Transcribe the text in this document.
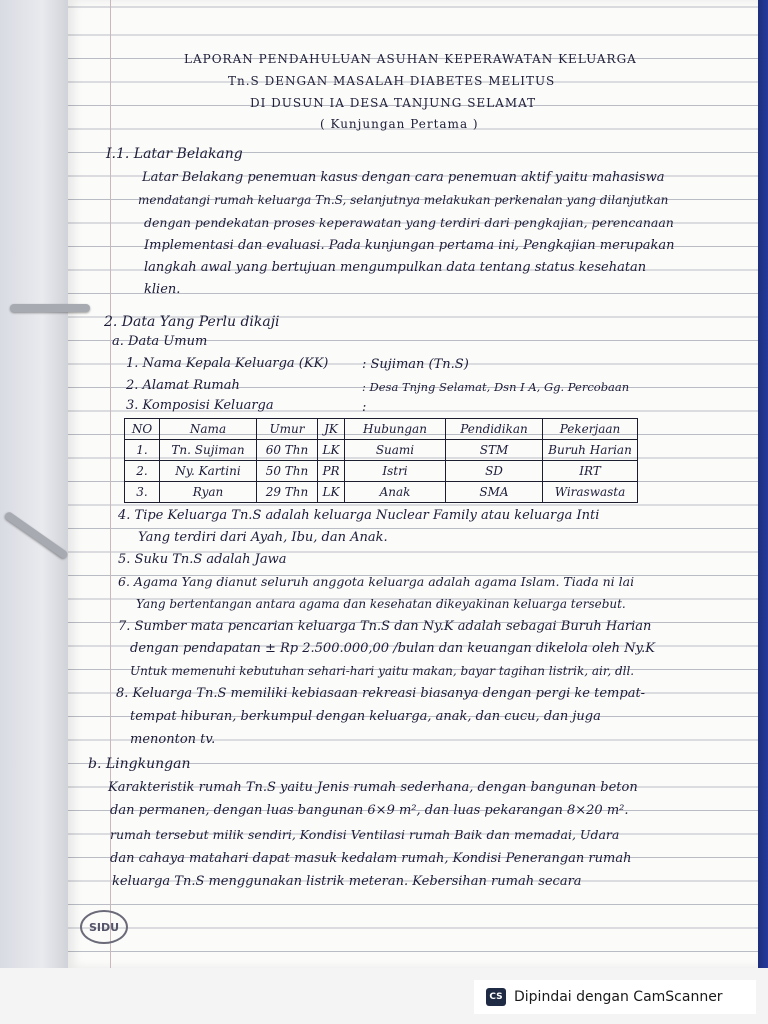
LAPORAN PENDAHULUAN ASUHAN KEPERAWATAN KELUARGA
Tn.S DENGAN MASALAH DIABETES MELITUS
DI DUSUN IA DESA TANJUNG SELAMAT
( Kunjungan Pertama )
I.1. Latar Belakang
Latar Belakang penemuan kasus dengan cara penemuan aktif yaitu mahasiswa
mendatangi rumah keluarga Tn.S, selanjutnya melakukan perkenalan yang dilanjutkan
dengan pendekatan proses keperawatan yang terdiri dari pengkajian, perencanaan
Implementasi dan evaluasi. Pada kunjungan pertama ini, Pengkajian merupakan
langkah awal yang bertujuan mengumpulkan data tentang status kesehatan
klien.
2. Data Yang Perlu dikaji
a. Data Umum
1. Nama Kepala Keluarga (KK)	: Sujiman (Tn.S)
2. Alamat Rumah	: Desa Tnjng Selamat, Dsn I A, Gg. Percobaan
3. Komposisi Keluarga	:
NO	Nama	Umur	JK	Hubungan	Pendidikan	Pekerjaan
1.	Tn. Sujiman	60 Thn	LK	Suami	STM	Buruh Harian
2.	Ny. Kartini	50 Thn	PR	Istri	SD	IRT
3.	Ryan	29 Thn	LK	Anak	SMA	Wiraswasta
4. Tipe Keluarga Tn.S adalah keluarga Nuclear Family atau keluarga Inti
Yang terdiri dari Ayah, Ibu, dan Anak.
5. Suku Tn.S adalah Jawa
6. Agama Yang dianut seluruh anggota keluarga adalah agama Islam. Tiada ni lai
Yang bertentangan antara agama dan kesehatan dikeyakinan keluarga tersebut.
7. Sumber mata pencarian keluarga Tn.S dan Ny.K adalah sebagai Buruh Harian
dengan pendapatan ± Rp 2.500.000,00 /bulan dan keuangan dikelola oleh Ny.K
Untuk memenuhi kebutuhan sehari-hari yaitu makan, bayar tagihan listrik, air, dll.
8. Keluarga Tn.S memiliki kebiasaan rekreasi biasanya dengan pergi ke tempat-
tempat hiburan, berkumpul dengan keluarga, anak, dan cucu, dan juga
menonton tv.
b. Lingkungan
Karakteristik rumah Tn.S yaitu Jenis rumah sederhana, dengan bangunan beton
dan permanen, dengan luas bangunan 6×9 m², dan luas pekarangan 8×20 m².
rumah tersebut milik sendiri, Kondisi Ventilasi rumah Baik dan memadai, Udara
dan cahaya matahari dapat masuk kedalam rumah, Kondisi Penerangan rumah
keluarga Tn.S menggunakan listrik meteran. Kebersihan rumah secara
SIDU
CS Dipindai dengan CamScanner
